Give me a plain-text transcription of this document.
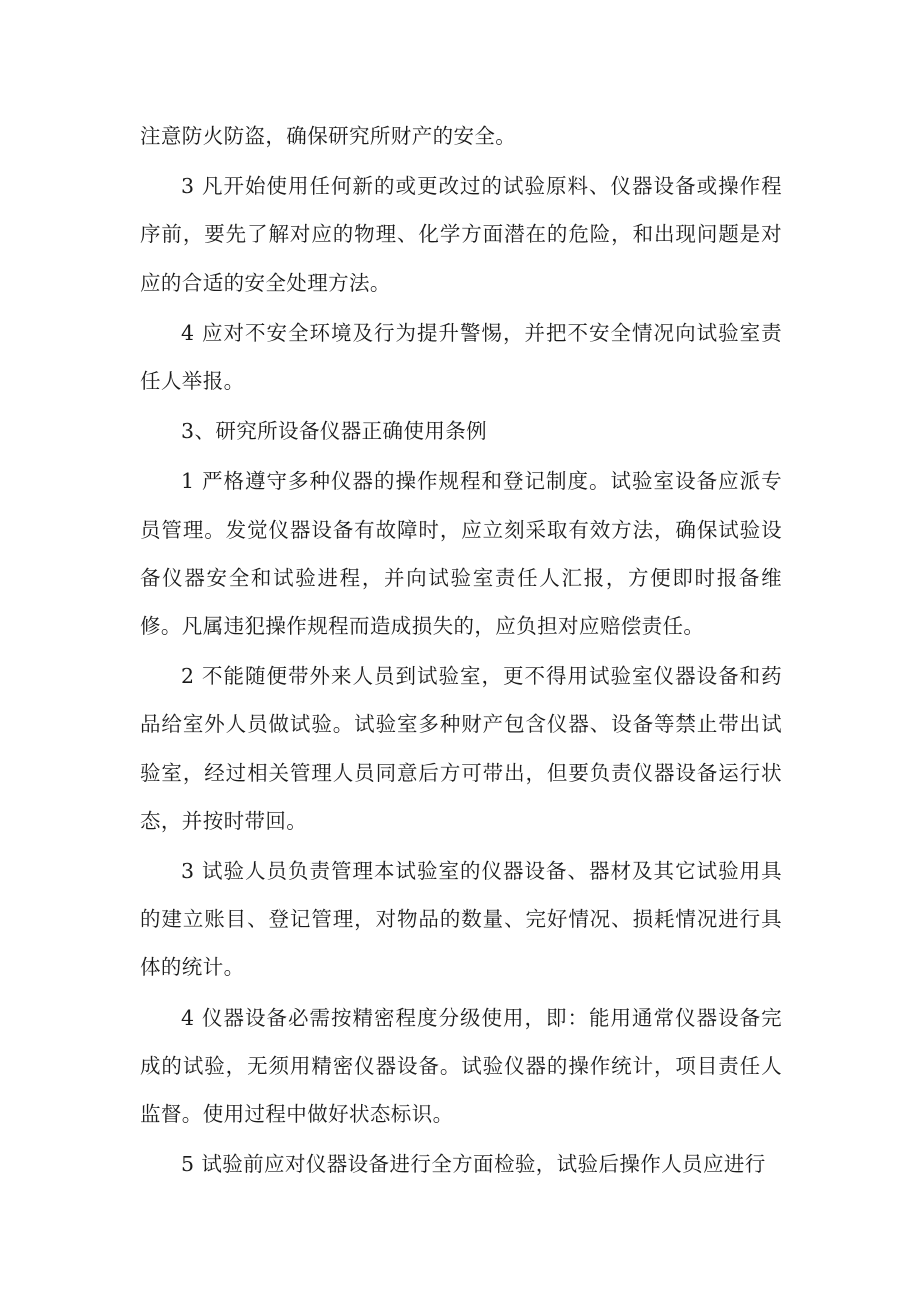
注意防火防盗，确保研究所财产的安全。

3 凡开始使用任何新的或更改过的试验原料、仪器设备或操作程序前，要先了解对应的物理、化学方面潜在的危险，和出现问题是对应的合适的安全处理方法。

4 应对不安全环境及行为提升警惕，并把不安全情况向试验室责任人举报。

3、研究所设备仪器正确使用条例

1 严格遵守多种仪器的操作规程和登记制度。试验室设备应派专员管理。发觉仪器设备有故障时，应立刻采取有效方法，确保试验设备仪器安全和试验进程，并向试验室责任人汇报，方便即时报备维修。凡属违犯操作规程而造成损失的，应负担对应赔偿责任。

2 不能随便带外来人员到试验室，更不得用试验室仪器设备和药品给室外人员做试验。试验室多种财产包含仪器、设备等禁止带出试验室，经过相关管理人员同意后方可带出，但要负责仪器设备运行状态，并按时带回。

3 试验人员负责管理本试验室的仪器设备、器材及其它试验用具的建立账目、登记管理，对物品的数量、完好情况、损耗情况进行具体的统计。

4 仪器设备必需按精密程度分级使用，即：能用通常仪器设备完成的试验，无须用精密仪器设备。试验仪器的操作统计，项目责任人监督。使用过程中做好状态标识。

5 试验前应对仪器设备进行全方面检验，试验后操作人员应进行
